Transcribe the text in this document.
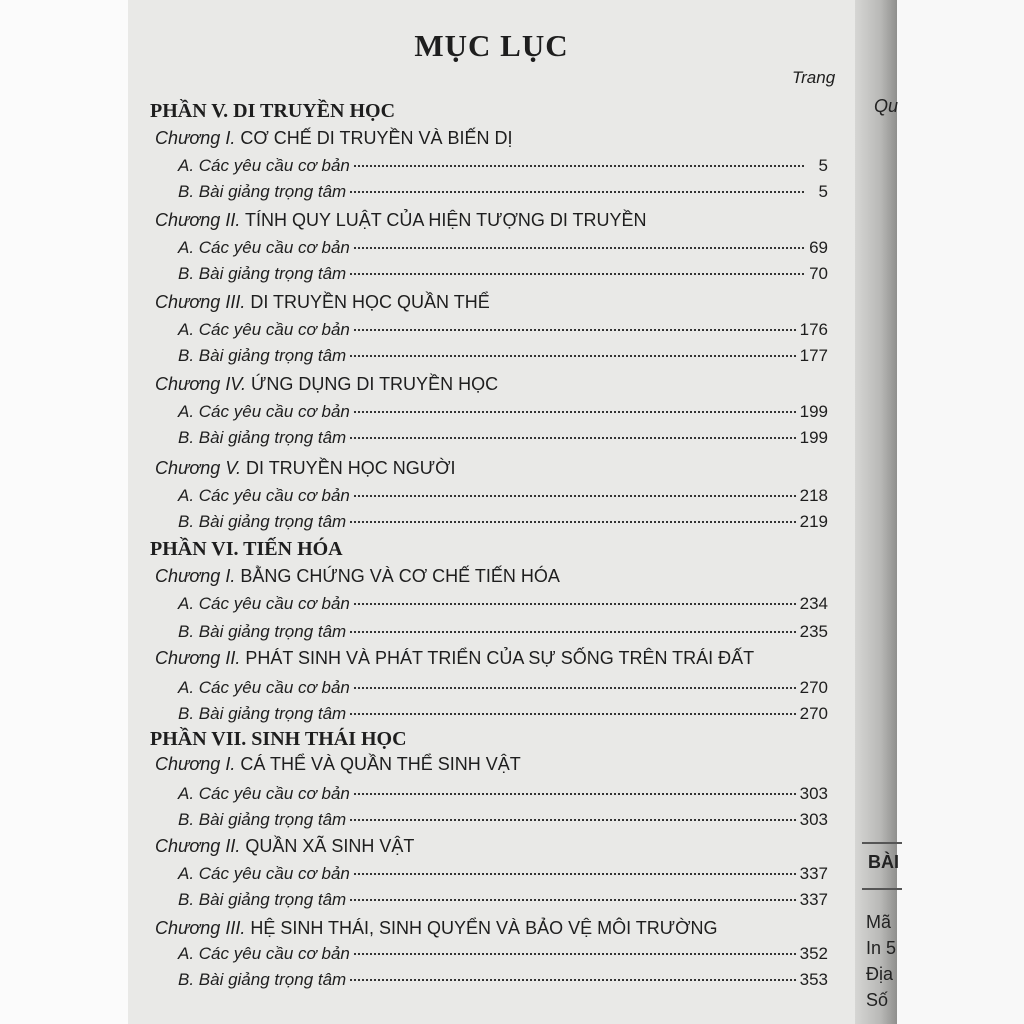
MỤC LỤC
Trang
PHẦN V. DI TRUYỀN HỌC
Chương I. CƠ CHẾ DI TRUYỀN VÀ BIẾN DỊ
A. Các yêu cầu cơ bản	5
B. Bài giảng trọng tâm	5
Chương II. TÍNH QUY LUẬT CỦA HIỆN TƯỢNG DI TRUYỀN
A. Các yêu cầu cơ bản	69
B. Bài giảng trọng tâm	70
Chương III. DI TRUYỀN HỌC QUẦN THỂ
A. Các yêu cầu cơ bản	176
B. Bài giảng trọng tâm	177
Chương IV. ỨNG DỤNG DI TRUYỀN HỌC
A. Các yêu cầu cơ bản	199
B. Bài giảng trọng tâm	199
Chương V. DI TRUYỀN HỌC NGƯỜI
A. Các yêu cầu cơ bản	218
B. Bài giảng trọng tâm	219
PHẦN VI. TIẾN HÓA
Chương I. BẰNG CHỨNG VÀ CƠ CHẾ TIẾN HÓA
A. Các yêu cầu cơ bản	234
B. Bài giảng trọng tâm	235
Chương II. PHÁT SINH VÀ PHÁT TRIỂN CỦA SỰ SỐNG TRÊN TRÁI ĐẤT
A. Các yêu cầu cơ bản	270
B. Bài giảng trọng tâm	270
PHẦN VII. SINH THÁI HỌC
Chương I. CÁ THỂ VÀ QUẦN THỂ SINH VẬT
A. Các yêu cầu cơ bản	303
B. Bài giảng trọng tâm	303
Chương II. QUẦN XÃ SINH VẬT
A. Các yêu cầu cơ bản	337
B. Bài giảng trọng tâm	337
Chương III. HỆ SINH THÁI, SINH QUYỂN VÀ BẢO VỆ MÔI TRƯỜNG
A. Các yêu cầu cơ bản	352
B. Bài giảng trọng tâm	353
Qu
BÀI
Mã
In 5
Địa
Số
